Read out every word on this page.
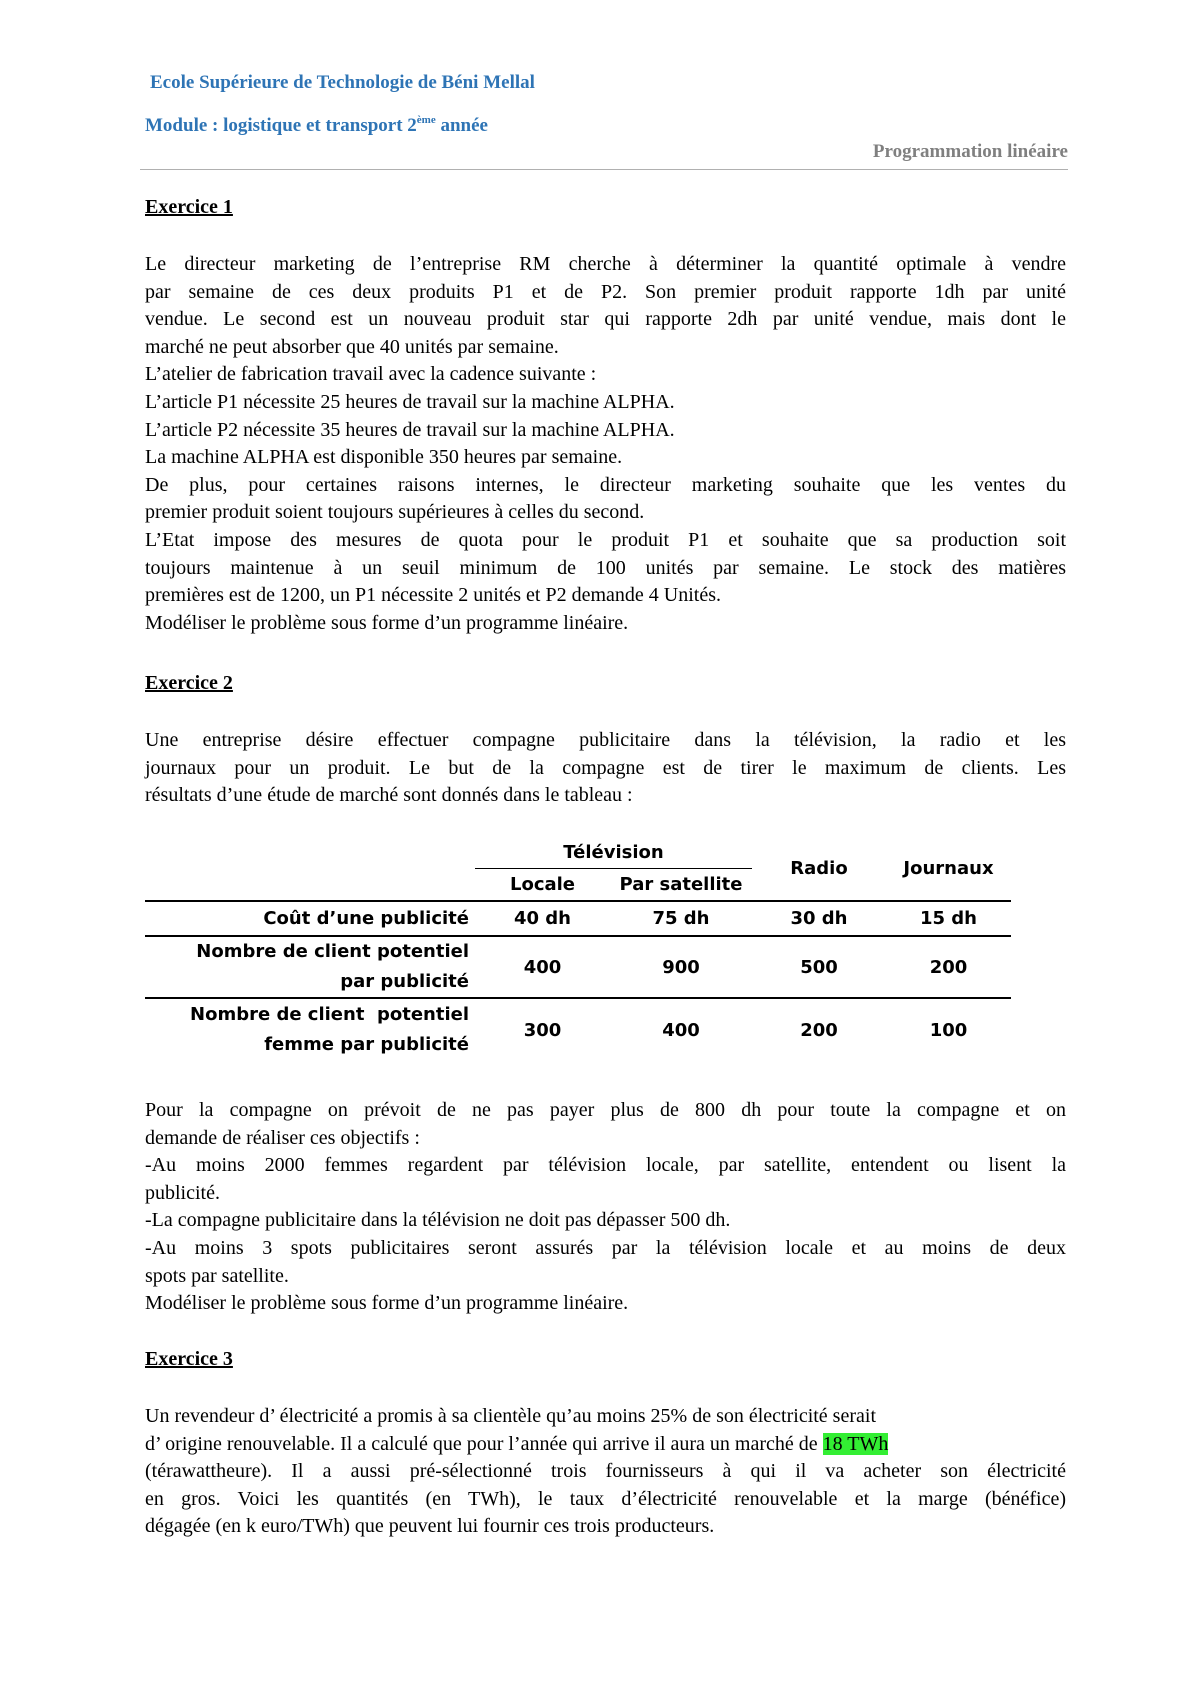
Ecole Supérieure de Technologie de Béni Mellal
Module : logistique et transport 2ème année
Programmation linéaire
Exercice 1

Le directeur marketing de l’entreprise RM cherche à déterminer la quantité optimale à vendre

par semaine de ces deux produits P1 et de P2. Son premier produit rapporte 1dh par unité

vendue. Le second est un nouveau produit star qui rapporte 2dh par unité vendue, mais dont le

marché ne peut absorber que 40 unités par semaine.

L’atelier de fabrication travail avec la cadence suivante :

L’article P1 nécessite 25 heures de travail sur la machine ALPHA.

L’article P2 nécessite 35 heures de travail sur la machine ALPHA.

La machine ALPHA est disponible 350 heures par semaine.

De plus, pour certaines raisons internes, le directeur marketing souhaite que les ventes du

premier produit soient toujours supérieures à celles du second.

L’Etat impose des mesures de quota pour le produit P1 et souhaite que sa production soit

toujours maintenue à un seuil minimum de 100 unités par semaine. Le stock des matières

premières est de 1200, un P1 nécessite 2 unités et P2 demande 4 Unités.

Modéliser le problème sous forme d’un programme linéaire.

Exercice 2

Une entreprise désire effectuer compagne publicitaire dans la télévision, la radio et les

journaux pour un produit. Le but de la compagne est de tirer le maximum de clients. Les

résultats d’une étude de marché sont donnés dans le tableau :

	Télévision		Radio	Journaux
	Locale	Par satellite		
Coût d’une publicité	40 dh	75 dh	30 dh	15 dh

Nombre de client potentiel
par publicité	400	900	500	200

Nombre de client  potentiel
femme par publicité	300	400	200	100

Pour la compagne on prévoit de ne pas payer plus de 800 dh pour toute la compagne et on

demande de réaliser ces objectifs :

-Au moins 2000 femmes regardent par télévision locale, par satellite, entendent ou lisent la

publicité.

-La compagne publicitaire dans la télévision ne doit pas dépasser 500 dh.

-Au moins 3 spots publicitaires seront assurés par la télévision locale et au moins de deux

spots par satellite.

Modéliser le problème sous forme d’un programme linéaire.

Exercice 3

Un revendeur d’ électricité a promis à sa clientèle qu’au moins 25% de son électricité serait

d’ origine renouvelable. Il a calculé que pour l’année qui arrive il aura un marché de 18 TWh

(térawattheure). Il a aussi pré-sélectionné trois fournisseurs à qui il va acheter son électricité

en gros. Voici les quantités (en TWh), le taux d’électricité renouvelable et la marge (bénéfice)

dégagée (en k euro/TWh) que peuvent lui fournir ces trois producteurs.
